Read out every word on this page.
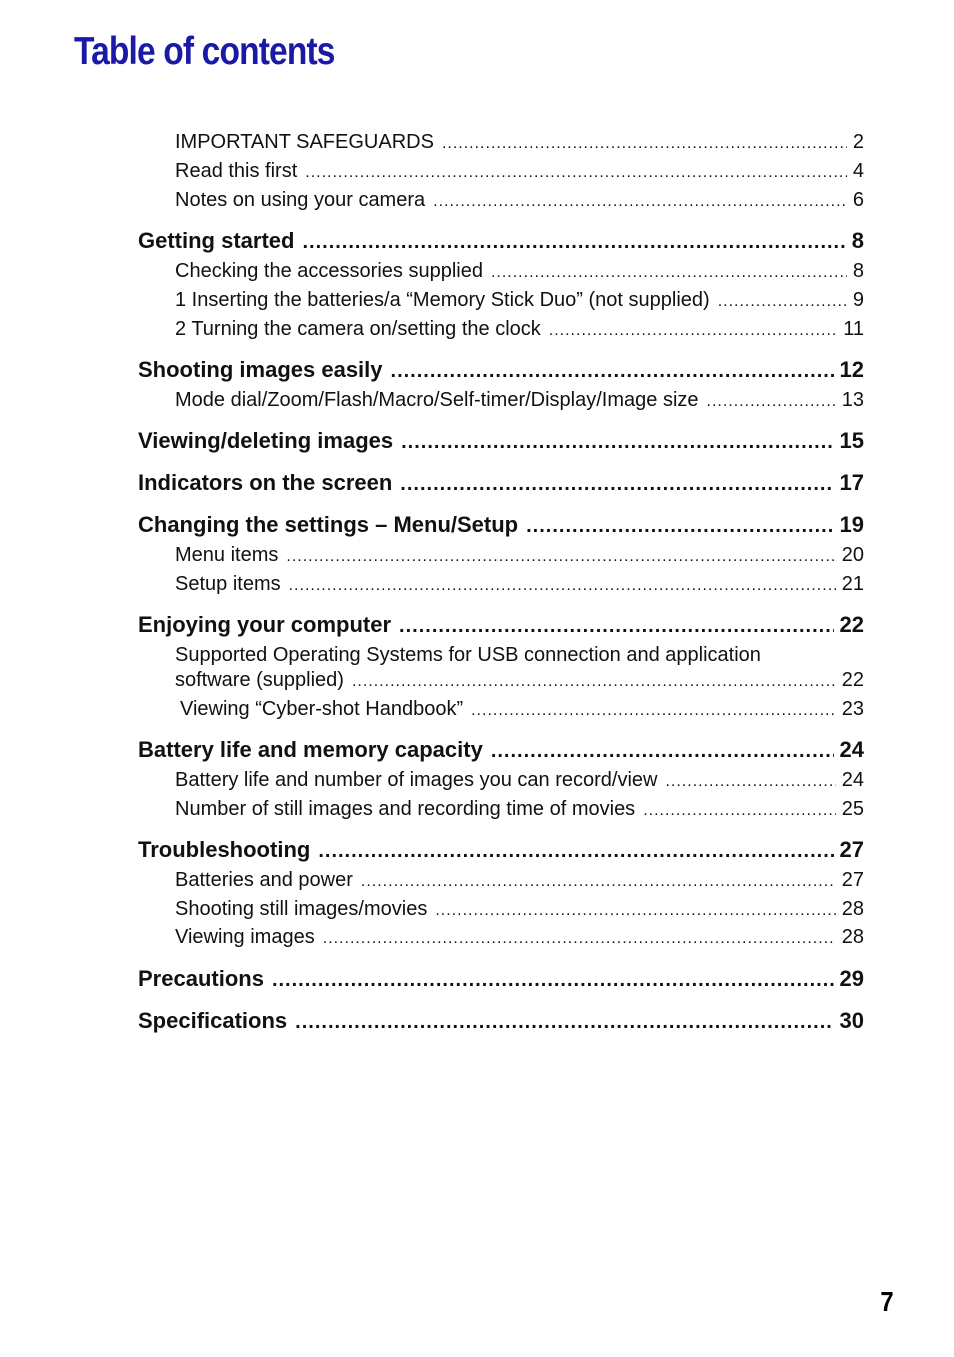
Table of contents
IMPORTANT SAFEGUARDS .....	2
Read this first .....	4
Notes on using your camera .....	6
Getting started .....	8
Checking the accessories supplied .....	8
1 Inserting the batteries/a “Memory Stick Duo” (not supplied) .....	9
2 Turning the camera on/setting the clock .....	11
Shooting images easily .....	12
Mode dial/Zoom/Flash/Macro/Self-timer/Display/Image size .....	13
Viewing/deleting images .....	15
Indicators on the screen .....	17
Changing the settings – Menu/Setup .....	19
Menu items .....	20
Setup items .....	21
Enjoying your computer .....	22
Supported Operating Systems for USB connection and application
software (supplied) .....	22
Viewing “Cyber-shot Handbook” .....	23
Battery life and memory capacity .....	24
Battery life and number of images you can record/view .....	24
Number of still images and recording time of movies .....	25
Troubleshooting .....	27
Batteries and power .....	27
Shooting still images/movies .....	28
Viewing images .....	28
Precautions .....	29
Specifications .....	30
7
